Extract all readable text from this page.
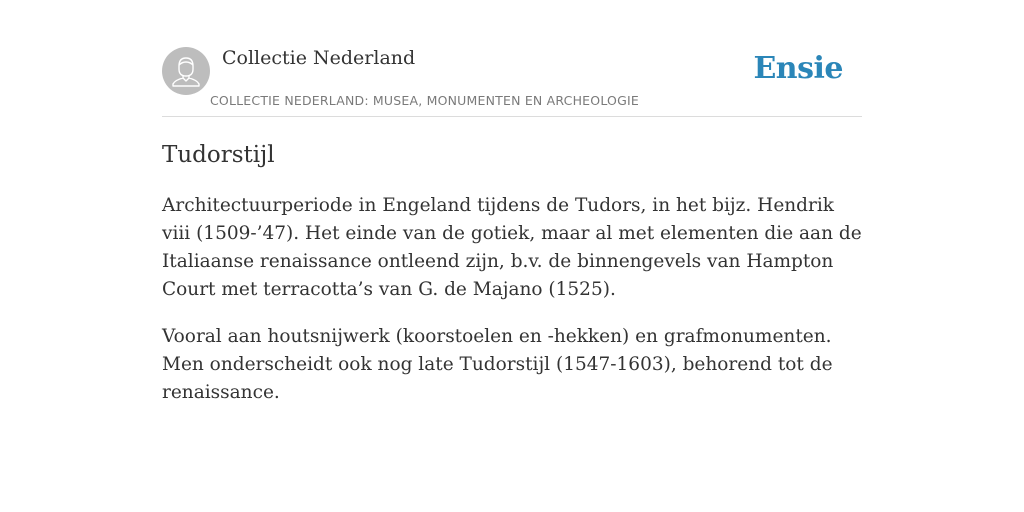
Collectie Nederland
COLLECTIE NEDERLAND: MUSEA, MONUMENTEN EN ARCHEOLOGIE
Ensie
Tudorstijl

Architectuurperiode in Engeland tijdens de Tudors, in het bijz. Hendrik viii (1509-’47). Het einde van de gotiek, maar al met elementen die aan de Italiaanse renaissance ontleend zijn, b.v. de binnengevels van Hampton Court met terracotta’s van G. de Majano (1525).

Vooral aan houtsnijwerk (koorstoelen en -hekken) en grafmonumenten. Men onderscheidt ook nog late Tudorstijl (1547-1603), behorend tot de renaissance.
